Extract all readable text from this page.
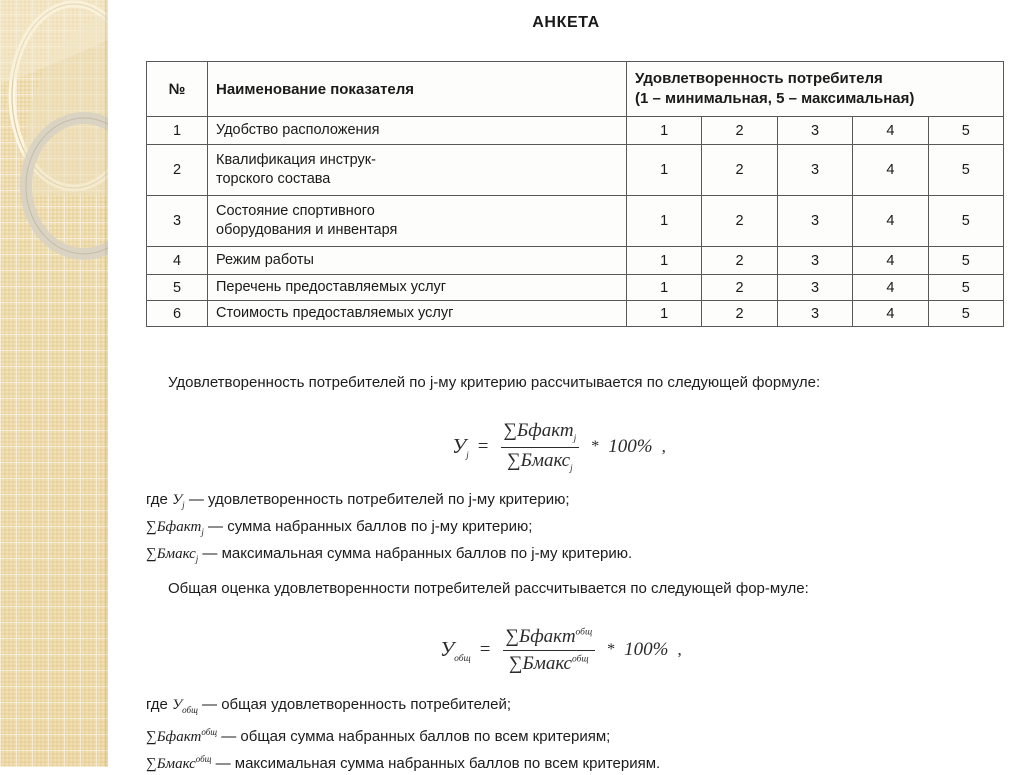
АНКЕТА
№	Наименование показателя	Удовлетворенность потребителя
(1 – минимальная, 5 – максимальная)				

1	Удобство расположения	1	2	3	4	5
2	Квалификация инструк-
торского состава	1	2	3	4	5
3	Состояние спортивного
оборудования и инвентаря	1	2	3	4	5
4	Режим работы	1	2	3	4	5
5	Перечень предоставляемых услуг	1	2	3	4	5
6	Стоимость предоставляемых услуг	1	2	3	4	5
Удовлетворенность потребителей по j-му критерию рассчитывается по следующей формуле:
$У_j = \frac{\sum Бфакт_j}{\sum Бмакс_j} * 100\%$ ,
где $У_j$ — удовлетворенность потребителей по j-му критерию;
∑Бфакт$_j$ — сумма набранных баллов по j-му критерию;
∑Бмакс$_j$ — максимальная сумма набранных баллов по j-му критерию.
Общая оценка удовлетворенности потребителей рассчитывается по следующей фор-муле:
$У_{общ} = \frac{\sum Бфакт^{общ}}{\sum Бмакс^{общ}} * 100\%$ ,
где $У_{общ}$ — общая удовлетворенность потребителей;
∑Бфакт$^{общ}$ — общая сумма набранных баллов по всем критериям;
∑Бмакс$^{общ}$ — максимальная сумма набранных баллов по всем критериям.
